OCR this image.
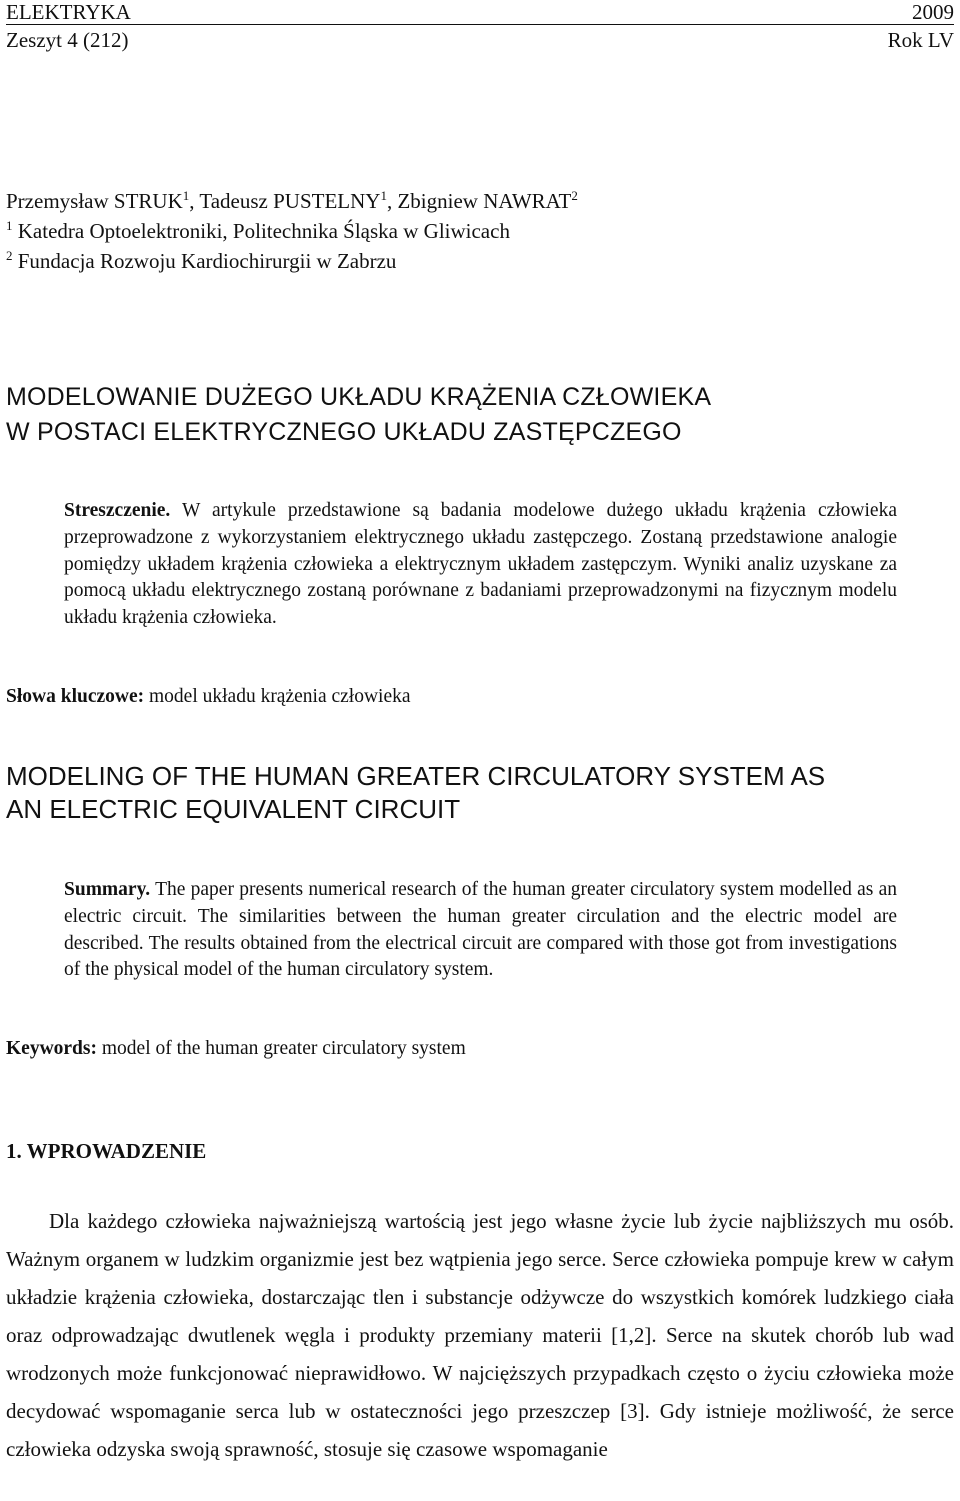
ELEKTRYKA	2009
Zeszyt 4 (212)	Rok LV
Przemysław STRUK$^1$, Tadeusz PUSTELNY$^1$, Zbigniew NAWRAT$^2$
$^1$ Katedra Optoelektroniki, Politechnika Śląska w Gliwicach
$^2$ Fundacja Rozwoju Kardiochirurgii w Zabrzu
MODELOWANIE DUŻEGO UKŁADU KRĄŻENIA CZŁOWIEKA
W POSTACI ELEKTRYCZNEGO UKŁADU ZASTĘPCZEGO
Streszczenie. W artykule przedstawione są badania modelowe dużego układu krążenia człowieka przeprowadzone z wykorzystaniem elektrycznego układu zastępczego. Zostaną przedstawione analogie pomiędzy układem krążenia człowieka a elektrycznym układem zastępczym. Wyniki analiz uzyskane za pomocą układu elektrycznego zostaną porównane z badaniami przeprowadzonymi na fizycznym modelu układu krążenia człowieka.
Słowa kluczowe: model układu krążenia człowieka
MODELING OF THE HUMAN GREATER CIRCULATORY SYSTEM AS
AN ELECTRIC EQUIVALENT CIRCUIT
Summary. The paper presents numerical research of the human greater circulatory system modelled as an electric circuit. The similarities between the human greater circulation and the electric model are described. The results obtained from the electrical circuit are compared with those got from investigations of the physical model of the human circulatory system.
Keywords: model of the human greater circulatory system
1. WPROWADZENIE
Dla każdego człowieka najważniejszą wartością jest jego własne życie lub życie najbliższych mu osób. Ważnym organem w ludzkim organizmie jest bez wątpienia jego serce. Serce człowieka pompuje krew w całym układzie krążenia człowieka, dostarczając tlen i substancje odżywcze do wszystkich komórek ludzkiego ciała oraz odprowadzając dwutlenek węgla i produkty przemiany materii [1,2]. Serce na skutek chorób lub wad wrodzonych może funkcjonować nieprawidłowo. W najcięższych przypadkach często o życiu człowieka może decydować wspomaganie serca lub w ostateczności jego przeszczep [3]. Gdy istnieje możliwość, że serce człowieka odzyska swoją sprawność, stosuje się czasowe wspomaganie
